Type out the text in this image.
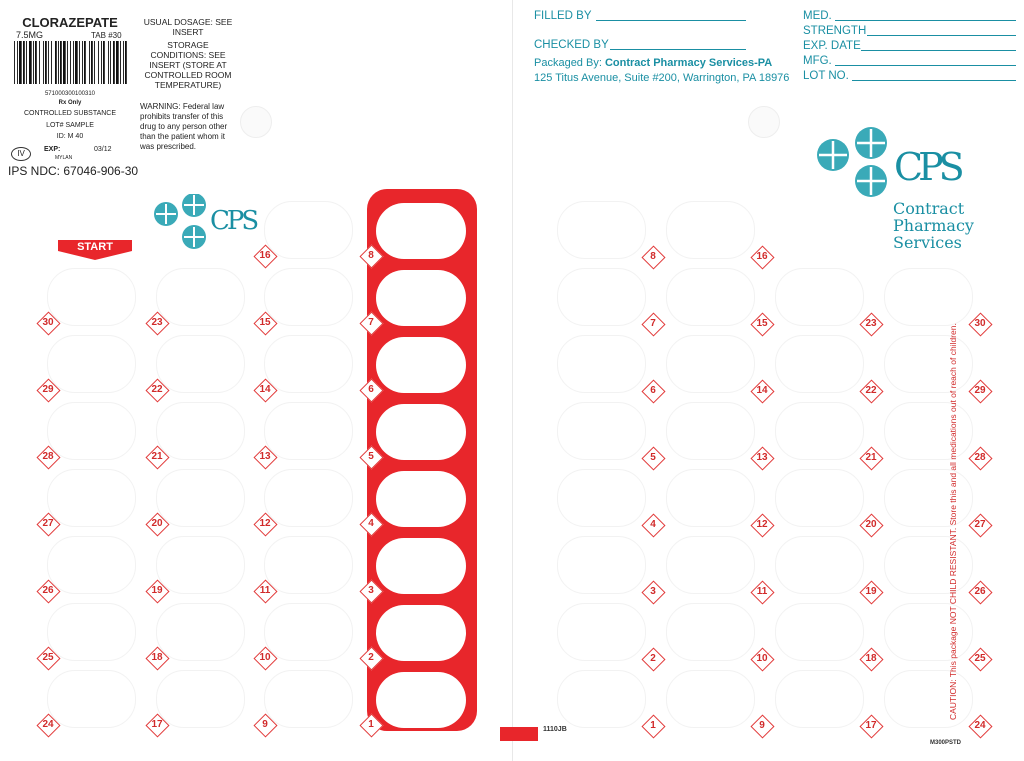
CLORAZEPATE
7.5MG	TAB #30
571000300100310
Rx Only
CONTROLLED SUBSTANCE
LOT# SAMPLE
ID: M 40
IV	EXP:	03/12
MYLAN
IPS NDC: 67046-906-30
USUAL DOSAGE: SEE INSERT
STORAGE CONDITIONS: SEE INSERT (STORE AT CONTROLLED ROOM TEMPERATURE)
WARNING: Federal law prohibits transfer of this drug to any person other than the patient whom it was prescribed.
FILLED BY
CHECKED BY
Packaged By: Contract Pharmacy Services-PA
125 Titus Avenue, Suite #200, Warrington, PA 18976
MED.
STRENGTH
EXP. DATE
MFG.
LOT NO.
CPS
CPS
Contract
Pharmacy
Services
START
30
29
28
27
26
25
24
23
22
21
20
19
18
17
16
15
14
13
12
11
10
9
8
7
6
5
4
3
2
1
8
7
6
5
4
3
2
1
16
15
14
13
12
11
10
9
23
22
21
20
19
18
17
30
29
28
27
26
25
24
1110JB
M300PSTD
CAUTION: This package NOT CHILD RESISTANT. Store this and all medications out of reach of children.
